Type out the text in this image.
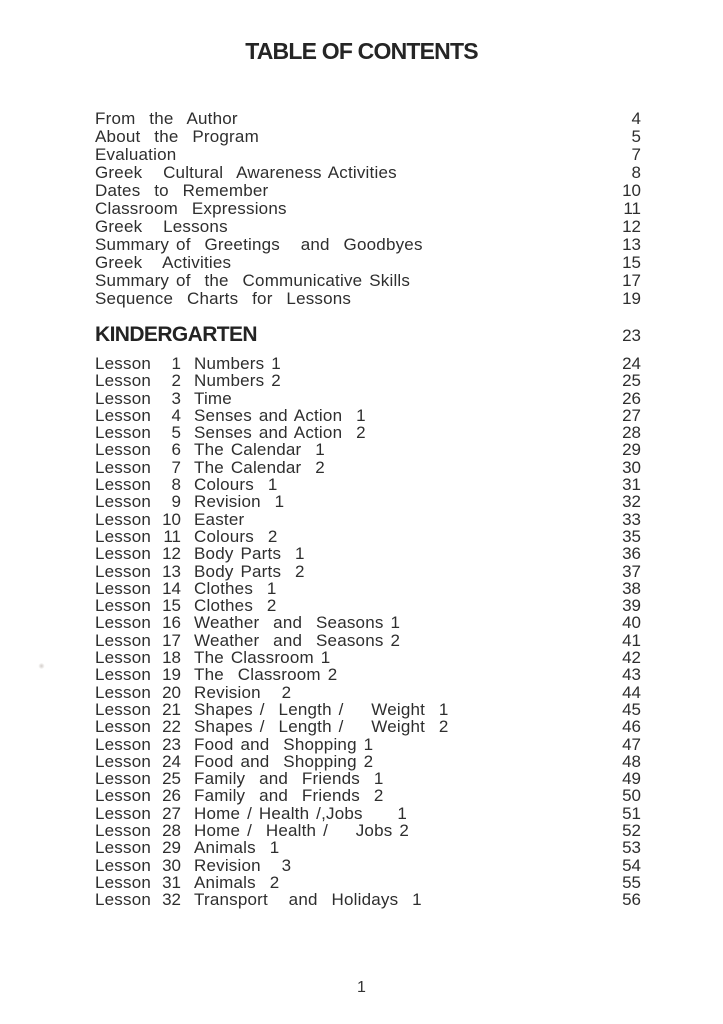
TABLE OF CONTENTS
From  the  Author	4
About  the  Program	5
Evaluation	7
Greek   Cultural  Awareness Activities	8
Dates  to  Remember	10
Classroom  Expressions	11
Greek   Lessons	12
Summary of  Greetings   and  Goodbyes	13
Greek   Activities	15
Summary of  the  Communicative Skills	17
Sequence  Charts  for  Lessons	19
KINDERGARTEN	23
Lesson 1 Numbers 1	24
Lesson 2 Numbers 2	25
Lesson 3 Time	26
Lesson 4 Senses and Action  1	27
Lesson 5 Senses and Action  2	28
Lesson 6 The Calendar  1	29
Lesson 7 The Calendar  2	30
Lesson 8 Colours  1	31
Lesson 9 Revision  1	32
Lesson 10 Easter	33
Lesson 11 Colours  2	35
Lesson 12 Body Parts  1	36
Lesson 13 Body Parts  2	37
Lesson 14 Clothes  1	38
Lesson 15 Clothes  2	39
Lesson 16 Weather  and  Seasons 1	40
Lesson 17 Weather  and  Seasons 2	41
Lesson 18 The Classroom 1	42
Lesson 19 The  Classroom 2	43
Lesson 20 Revision   2	44
Lesson 21 Shapes /  Length /    Weight  1	45
Lesson 22 Shapes /  Length /    Weight  2	46
Lesson 23 Food and  Shopping 1	47
Lesson 24 Food and  Shopping 2	48
Lesson 25 Family  and  Friends  1	49
Lesson 26 Family  and  Friends  2	50
Lesson 27 Home / Health /,Jobs     1	51
Lesson 28 Home /  Health /    Jobs 2	52
Lesson 29 Animals  1	53
Lesson 30 Revision   3	54
Lesson 31 Animals  2	55
Lesson 32 Transport   and  Holidays  1	56
1
